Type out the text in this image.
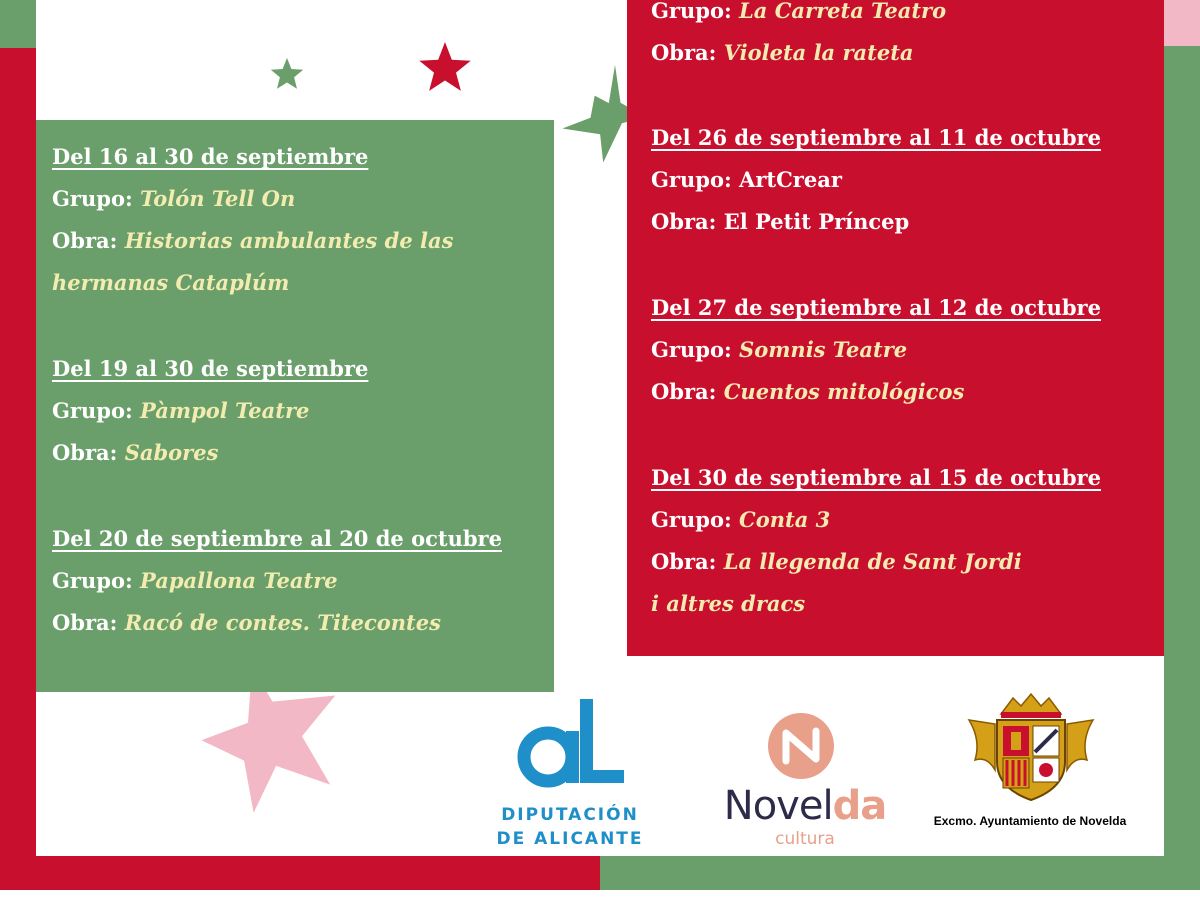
Del 16 al 30 de septiembre
Grupo: Tolón Tell On
Obra: Historias ambulantes de las
hermanas Cataplúm
Del 19 al 30 de septiembre
Grupo: Pàmpol Teatre
Obra: Sabores
Del 20 de septiembre al 20 de octubre
Grupo: Papallona Teatre
Obra: Racó de contes. Titecontes
Grupo: La Carreta Teatro
Obra: Violeta la rateta
Del 26 de septiembre al 11 de octubre
Grupo: ArtCrear
Obra: El Petit Príncep
Del 27 de septiembre al 12 de octubre
Grupo: Somnis Teatre
Obra: Cuentos mitológicos
Del 30 de septiembre al 15 de octubre
Grupo: Conta 3
Obra: La llegenda de Sant Jordi
i altres dracs
DIPUTACIÓN
DE ALICANTE
Novelda
cultura
Excmo. Ayuntamiento de Novelda
